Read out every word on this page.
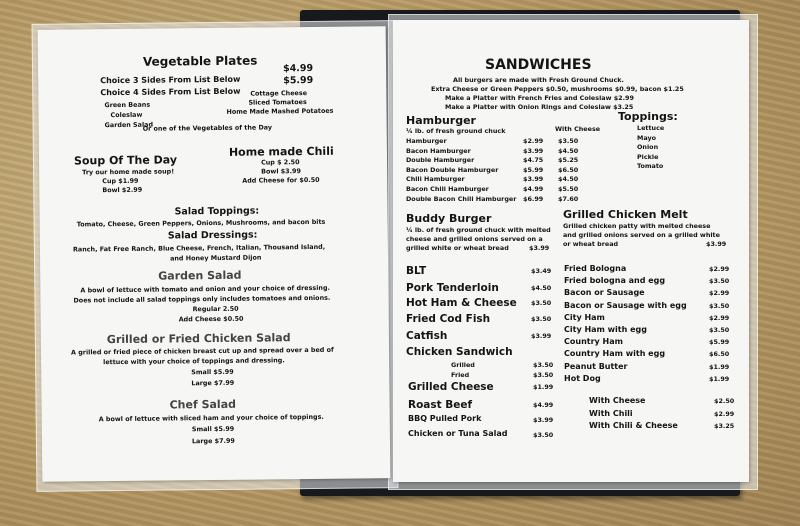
Vegetable Plates
Choice 3 Sides From List Below
$4.99
Choice 4 Sides From List Below
$5.99
Green Beans
Coleslaw
Garden Salad
Cottage Cheese
Sliced Tomatoes
Home Made Mashed Potatoes
Or one of the Vegetables of the Day
Soup Of The Day
Try our home made soup!
Cup $1.99
Bowl $2.99
Home made Chili
Cup $ 2.50
Bowl $3.99
Add Cheese for $0.50
Salad Toppings:
Tomato, Cheese, Green Peppers, Onions, Mushrooms, and bacon bits
Salad Dressings:
Ranch, Fat Free Ranch, Blue Cheese, French, Italian, Thousand Island,
and Honey Mustard Dijon
Garden Salad
A bowl of lettuce with tomato and onion and your choice of dressing.
Does not include all salad toppings only includes tomatoes and onions.
Regular 2.50
Add Cheese $0.50
Grilled or Fried Chicken Salad
A grilled or fried piece of chicken breast cut up and spread over a bed of
lettuce with your choice of toppings and dressing.
Small $5.99
Large $7.99
Chef Salad
A bowl of lettuce with sliced ham and your choice of toppings.
Small $5.99
Large $7.99
SANDWICHES
All burgers are made with Fresh Ground Chuck.
Extra Cheese or Green Peppers $0.50, mushrooms $0.99, bacon $1.25
Make a Platter with French Fries and Coleslaw $2.99
Make a Platter with Onion Rings and Coleslaw $3.25
Hamburger
¼ lb. of fresh ground chuck	With Cheese
Toppings:
Buddy Burger
¼ lb. of fresh ground chuck with melted
cheese and grilled onions served on a
grilled white or wheat bread	$3.99
Grilled Chicken Melt
Grilled chicken patty with melted cheese
and grilled onions served on a grilled white
or wheat bread	$3.99
Hamburger	$2.99 $3.50
Bacon Hamburger	$3.99 $4.50
Double Hamburger	$4.75 $5.25
Bacon Double Hamburger	$5.99 $6.50
Chili Hamburger	$3.99 $4.50
Bacon Chili Hamburger	$4.99 $5.50
Double Bacon Chili Hamburger $6.99 $7.60
Lettuce
Mayo
Onion
Pickle
Tomato
BLT	$3.49
Pork Tenderloin	$4.50
Hot Ham & Cheese $3.50
Fried Cod Fish	$3.50
Catfish	$3.99
Chicken Sandwich
Grilled	$3.50
Fried	$3.50
Grilled Cheese	$1.99
Roast Beef	$4.99
BBQ Pulled Pork	$3.99
Chicken or Tuna Salad	$3.50
Fried Bologna	$2.99
Fried bologna and egg	$3.50
Bacon or Sausage	$2.99
Bacon or Sausage with egg	$3.50
City Ham	$2.99
City Ham with egg	$3.50
Country Ham	$5.99
Country Ham with egg	$6.50
Peanut Butter	$1.99
Hot Dog	$1.99
With Cheese	$2.50
With Chili	$2.99
With Chili & Cheese	$3.25
